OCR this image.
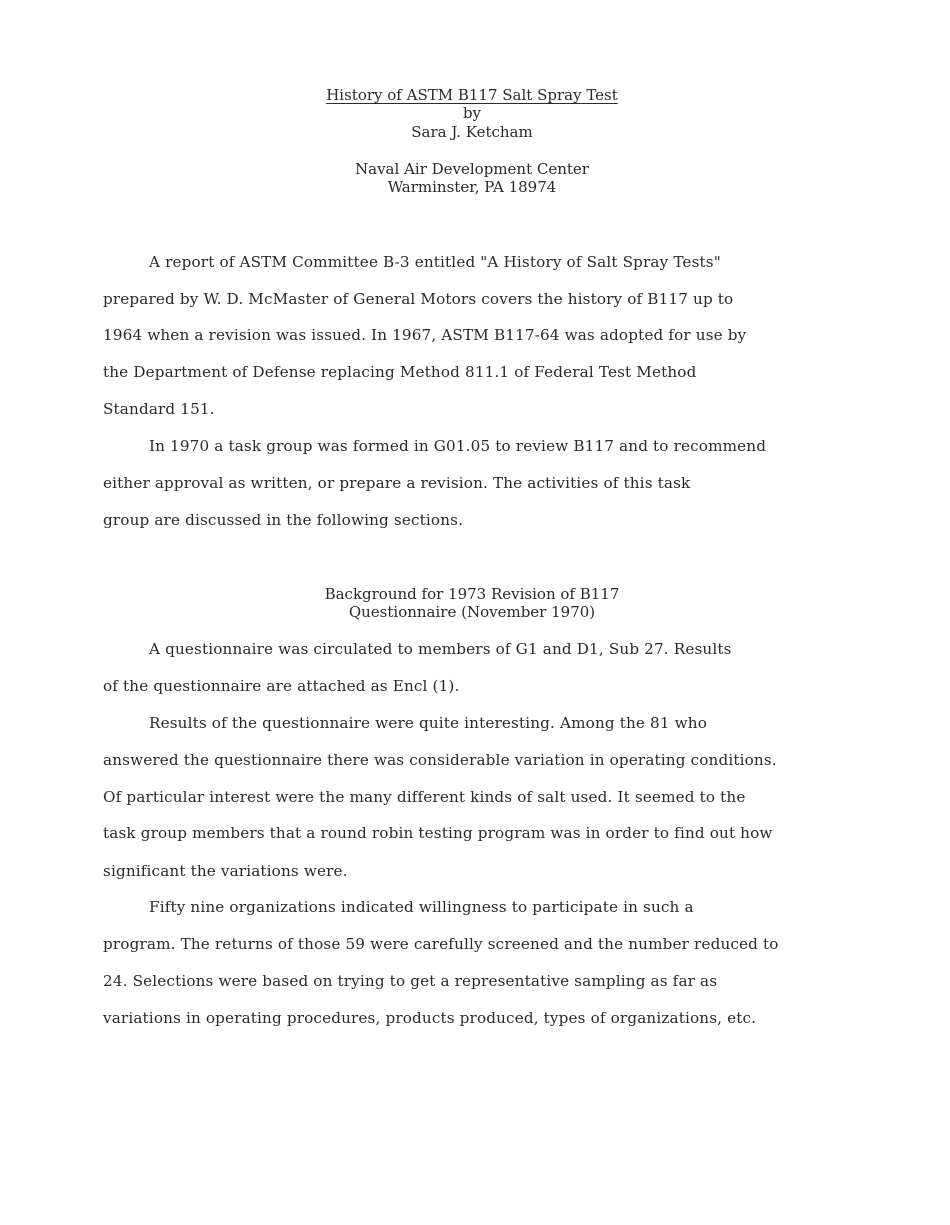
History of ASTM B117 Salt Spray Test
by
Sara J. Ketcham
Naval Air Development Center
Warminster, PA 18974
A report of ASTM Committee B-3 entitled "A History of Salt Spray Tests"
prepared by W. D. McMaster of General Motors covers the history of B117 up to
1964 when a revision was issued. In 1967, ASTM B117-64 was adopted for use by
the Department of Defense replacing Method 811.1 of Federal Test Method
Standard 151.
In 1970 a task group was formed in G01.05 to review B117 and to recommend
either approval as written, or prepare a revision. The activities of this task
group are discussed in the following sections.
Background for 1973 Revision of B117
Questionnaire (November 1970)
A questionnaire was circulated to members of G1 and D1, Sub 27. Results
of the questionnaire are attached as Encl (1).
Results of the questionnaire were quite interesting. Among the 81 who
answered the questionnaire there was considerable variation in operating conditions.
Of particular interest were the many different kinds of salt used. It seemed to the
task group members that a round robin testing program was in order to find out how
significant the variations were.
Fifty nine organizations indicated willingness to participate in such a
program. The returns of those 59 were carefully screened and the number reduced to
24. Selections were based on trying to get a representative sampling as far as
variations in operating procedures, products produced, types of organizations, etc.
